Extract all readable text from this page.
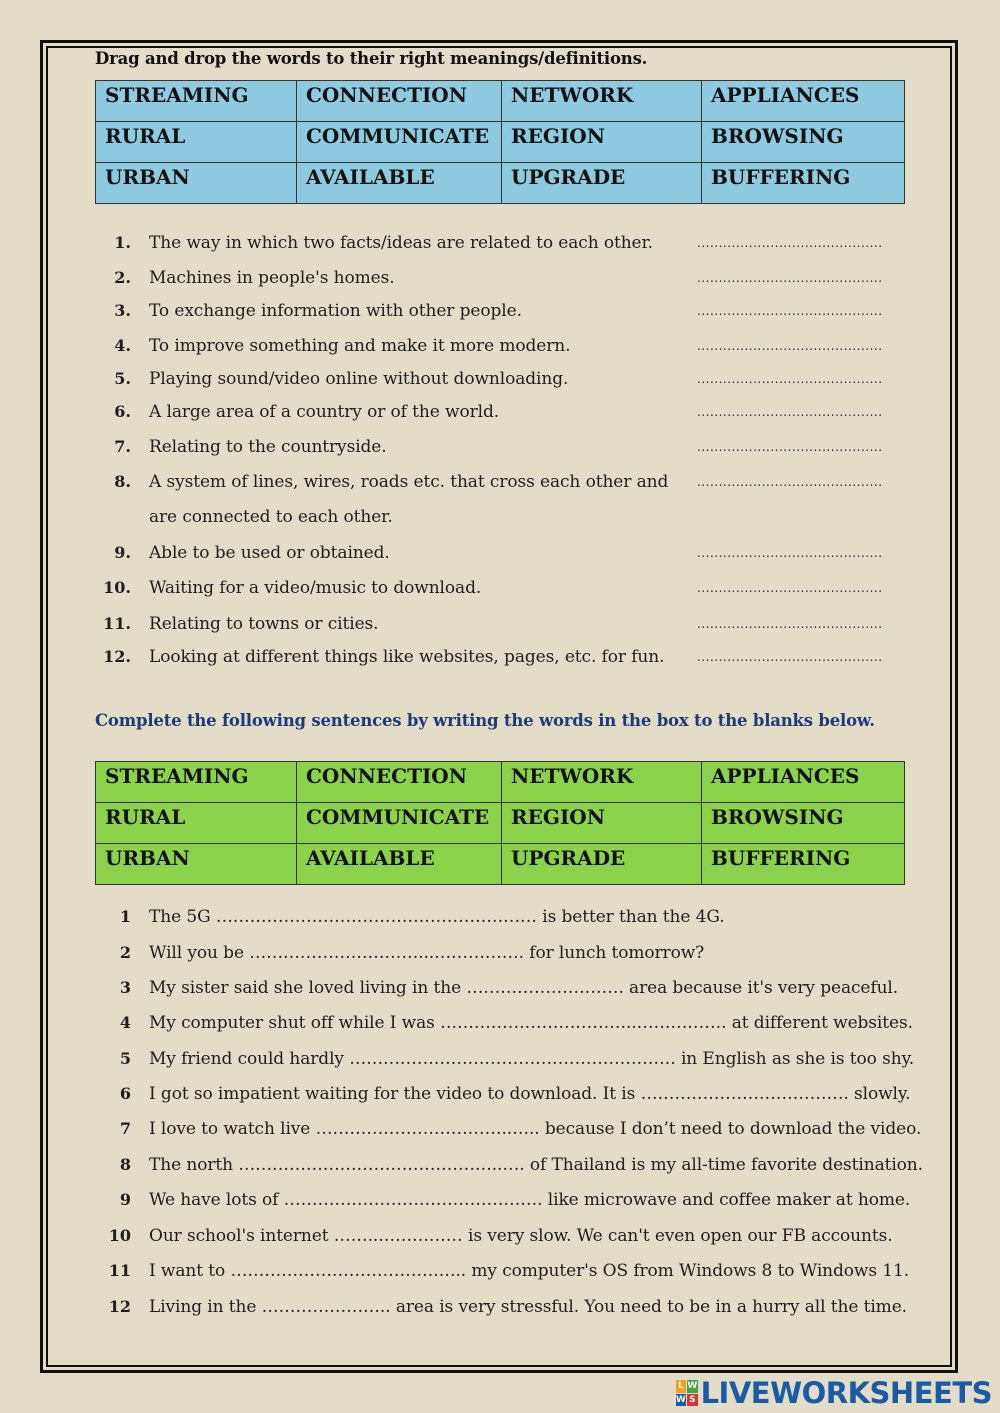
Drag and drop the words to their right meanings/definitions.
STREAMING	CONNECTION	NETWORK	APPLIANCES
RURAL	COMMUNICATE	REGION	BROWSING
URBAN	AVAILABLE	UPGRADE	BUFFERING
1. The way in which two facts/ideas are related to each other.	...........................................
2. Machines in people's homes.	...........................................
3. To exchange information with other people.	...........................................
4. To improve something and make it more modern.	...........................................
5. Playing sound/video online without downloading.	...........................................
6. A large area of a country or of the world.	...........................................
7. Relating to the countryside.	...........................................
8. A system of lines, wires, roads etc. that cross each other and ...........................................
are connected to each other.
9. Able to be used or obtained.	...........................................
10. Waiting for a video/music to download.	...........................................
11. Relating to towns or cities.	...........................................
12. Looking at different things like websites, pages, etc. for fun.	...........................................
Complete the following sentences by writing the words in the box to the blanks below.
STREAMING	CONNECTION	NETWORK	APPLIANCES
RURAL	COMMUNICATE	REGION	BROWSING
URBAN	AVAILABLE	UPGRADE	BUFFERING
1 The 5G ………………………………………………… is better than the 4G.
2 Will you be …………………………...……………. for lunch tomorrow?
3 My sister said she loved living in the ………………………. area because it's very peaceful.
4 My computer shut off while I was ……………………………..……………. at different websites.
5 My friend could hardly …………………………………………………. in English as she is too shy.
6 I got so impatient waiting for the video to download. It is ………………………………. slowly.
7 I love to watch live ……………………………..….. because I don’t need to download the video.
8 The north ………………………………………..…. of Thailand is my all-time favorite destination.
9 We have lots of ………………………………………. like microwave and coffee maker at home.
10 Our school's internet ……..…………… is very slow. We can't even open our FB accounts.
11 I want to ……………………………….….. my computer's OS from Windows 8 to Windows 11.
12 Living in the ………………….. area is very stressful. You need to be in a hurry all the time.
L W
W S LIVEWORKSHEETS
